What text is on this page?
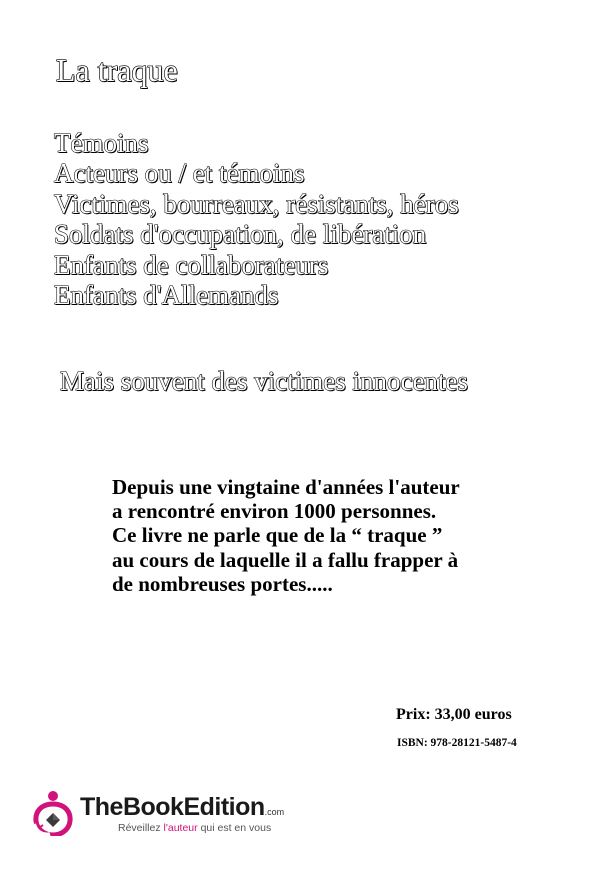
La traque
Témoins
Acteurs ou / et témoins
Victimes, bourreaux, résistants, héros
Soldats d'occupation, de libération
Enfants de collaborateurs
Enfants d'Allemands
Mais souvent des victimes innocentes
Depuis une vingtaine d'années l'auteur
a rencontré environ 1000 personnes.
Ce livre ne parle que de la “ traque ”
au cours de laquelle il a fallu frapper à
de nombreuses portes.....
Prix: 33,00 euros
ISBN: 978-28121-5487-4
TheBookEdition.com
Réveillez l'auteur qui est en vous
